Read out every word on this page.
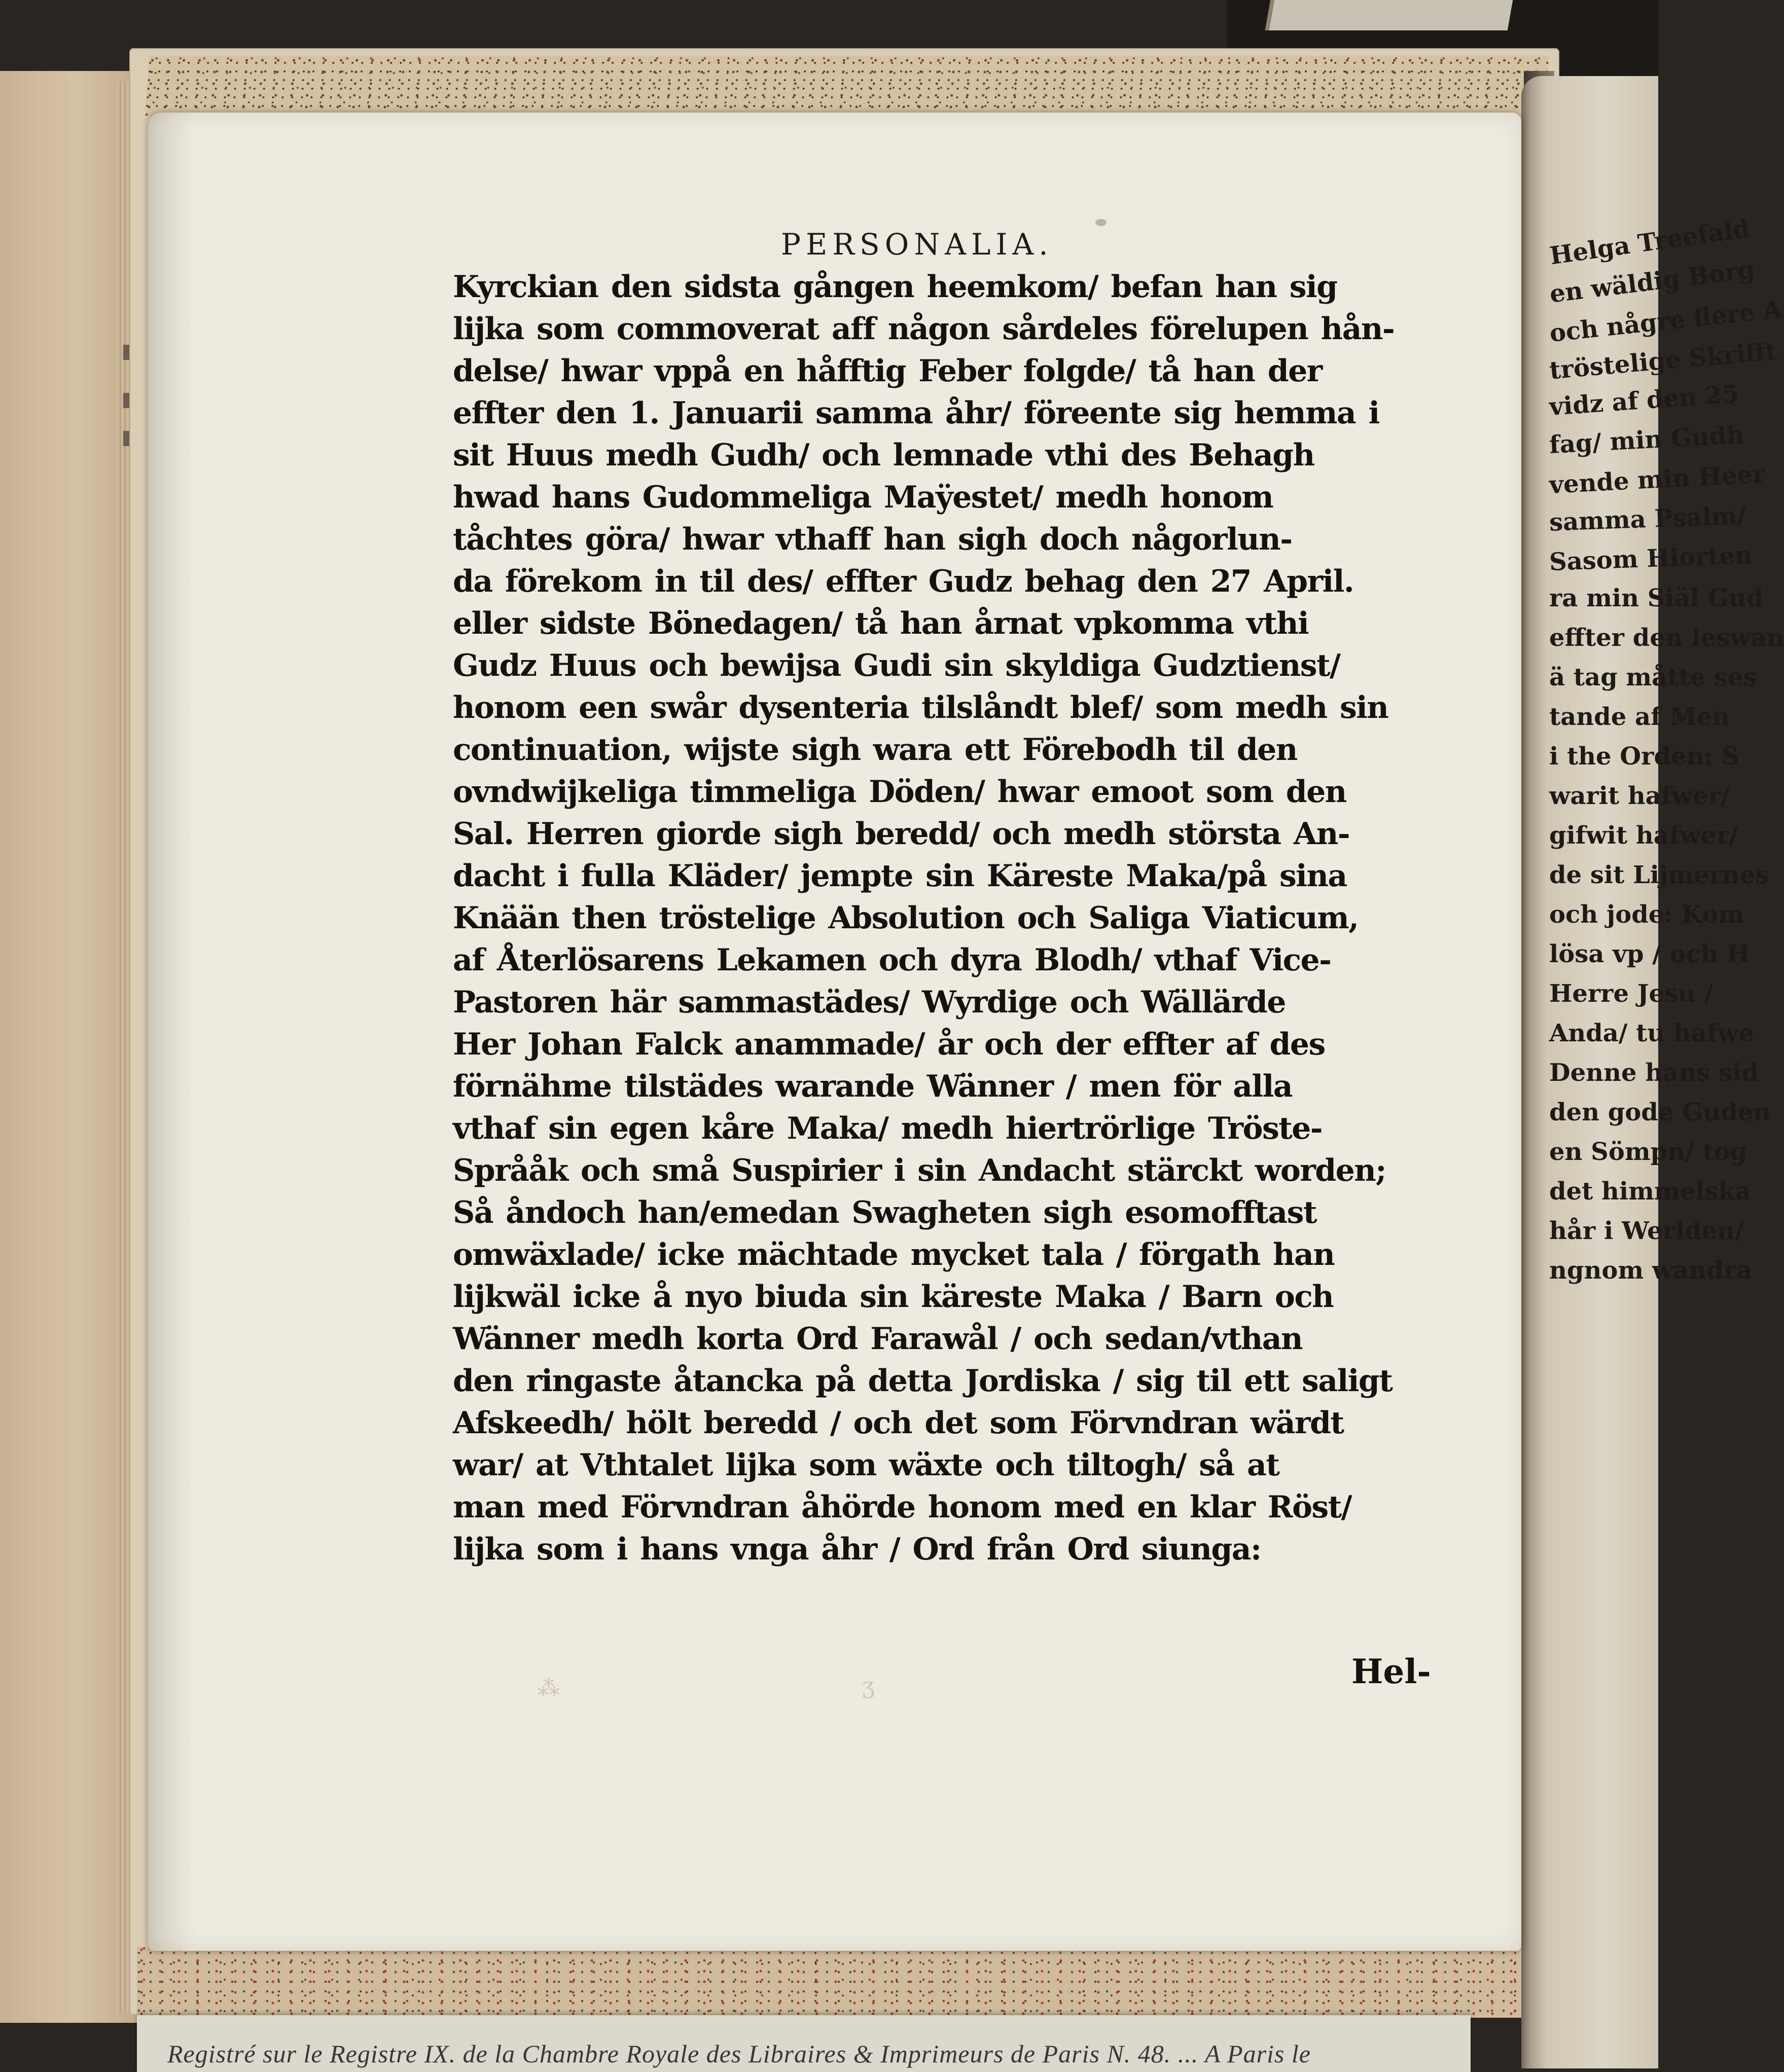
Helga Treefald
en wäldig Borg
och någre flere A
tröstelige Skrifft
vidz af den 25
fag/ min Gudh
vende min Heer
samma Psalm/
Sasom Hiorten
ra min Siäl Gud
effter den leswan
ä tag måtte ses
tande af Men
i the Orden: S
warit hafwer/
gifwit hafwer/
de sit Lijmernes
och jode: Kom
lösa vp / och H
Herre Jesu /
Anda/ tu hafwe
Denne hans sid
den gode Guden
en Sömpn/ tog
det himmelska
hår i Werlden/
ngnom wandra
⁂	ʒ
PERSONALIA.
Kyrckian den sidsta gången heemkom/ befan han sig
lijka som commoverat aff någon sårdeles förelupen hån-
delse/ hwar vppå en håfftig Feber folgde/ tå han der
effter den 1. Januarii samma åhr/ föreente sig hemma i
sit Huus medh Gudh/ och lemnade vthi des Behagh
hwad hans Gudommeliga Maÿestet/ medh honom
tåchtes göra/ hwar vthaff han sigh doch någorlun-
da förekom in til des/ effter Gudz behag den 27 April.
eller sidste Bönedagen/ tå han årnat vpkomma vthi
Gudz Huus och bewijsa Gudi sin skyldiga Gudztienst/
honom een swår dysenteria tilslåndt blef/ som medh sin
continuation, wijste sigh wara ett Förebodh til den
ovndwijkeliga timmeliga Döden/ hwar emoot som den
Sal. Herren giorde sigh beredd/ och medh största An-
dacht i fulla Kläder/ jempte sin Käreste Maka/på sina
Knään then tröstelige Absolution och Saliga Viaticum,
af Återlösarens Lekamen och dyra Blodh/ vthaf Vice-
Pastoren här sammastädes/ Wyrdige och Wällärde
Her Johan Falck anammade/ år och der effter af des
förnähme tilstädes warande Wänner / men för alla
vthaf sin egen kåre Maka/ medh hiertrörlige Tröste-
Språåk och små Suspirier i sin Andacht stärckt worden;
Så åndoch han/emedan Swagheten sigh esomofftast
omwäxlade/ icke mächtade mycket tala / förgath han
lijkwäl icke å nyo biuda sin käreste Maka / Barn och
Wänner medh korta Ord Farawål / och sedan/vthan
den ringaste åtancka på detta Jordiska / sig til ett saligt
Afskeedh/ hölt beredd / och det som Förvndran wärdt
war/ at Vthtalet lijka som wäxte och tiltogh/ så at
man med Förvndran åhörde honom med en klar Röst/
lijka som i hans vnga åhr / Ord från Ord siunga:
Hel-
Registré sur le Registre IX. de la Chambre Royale des Libraires & Imprimeurs de Paris N. 48. ... A Paris le
